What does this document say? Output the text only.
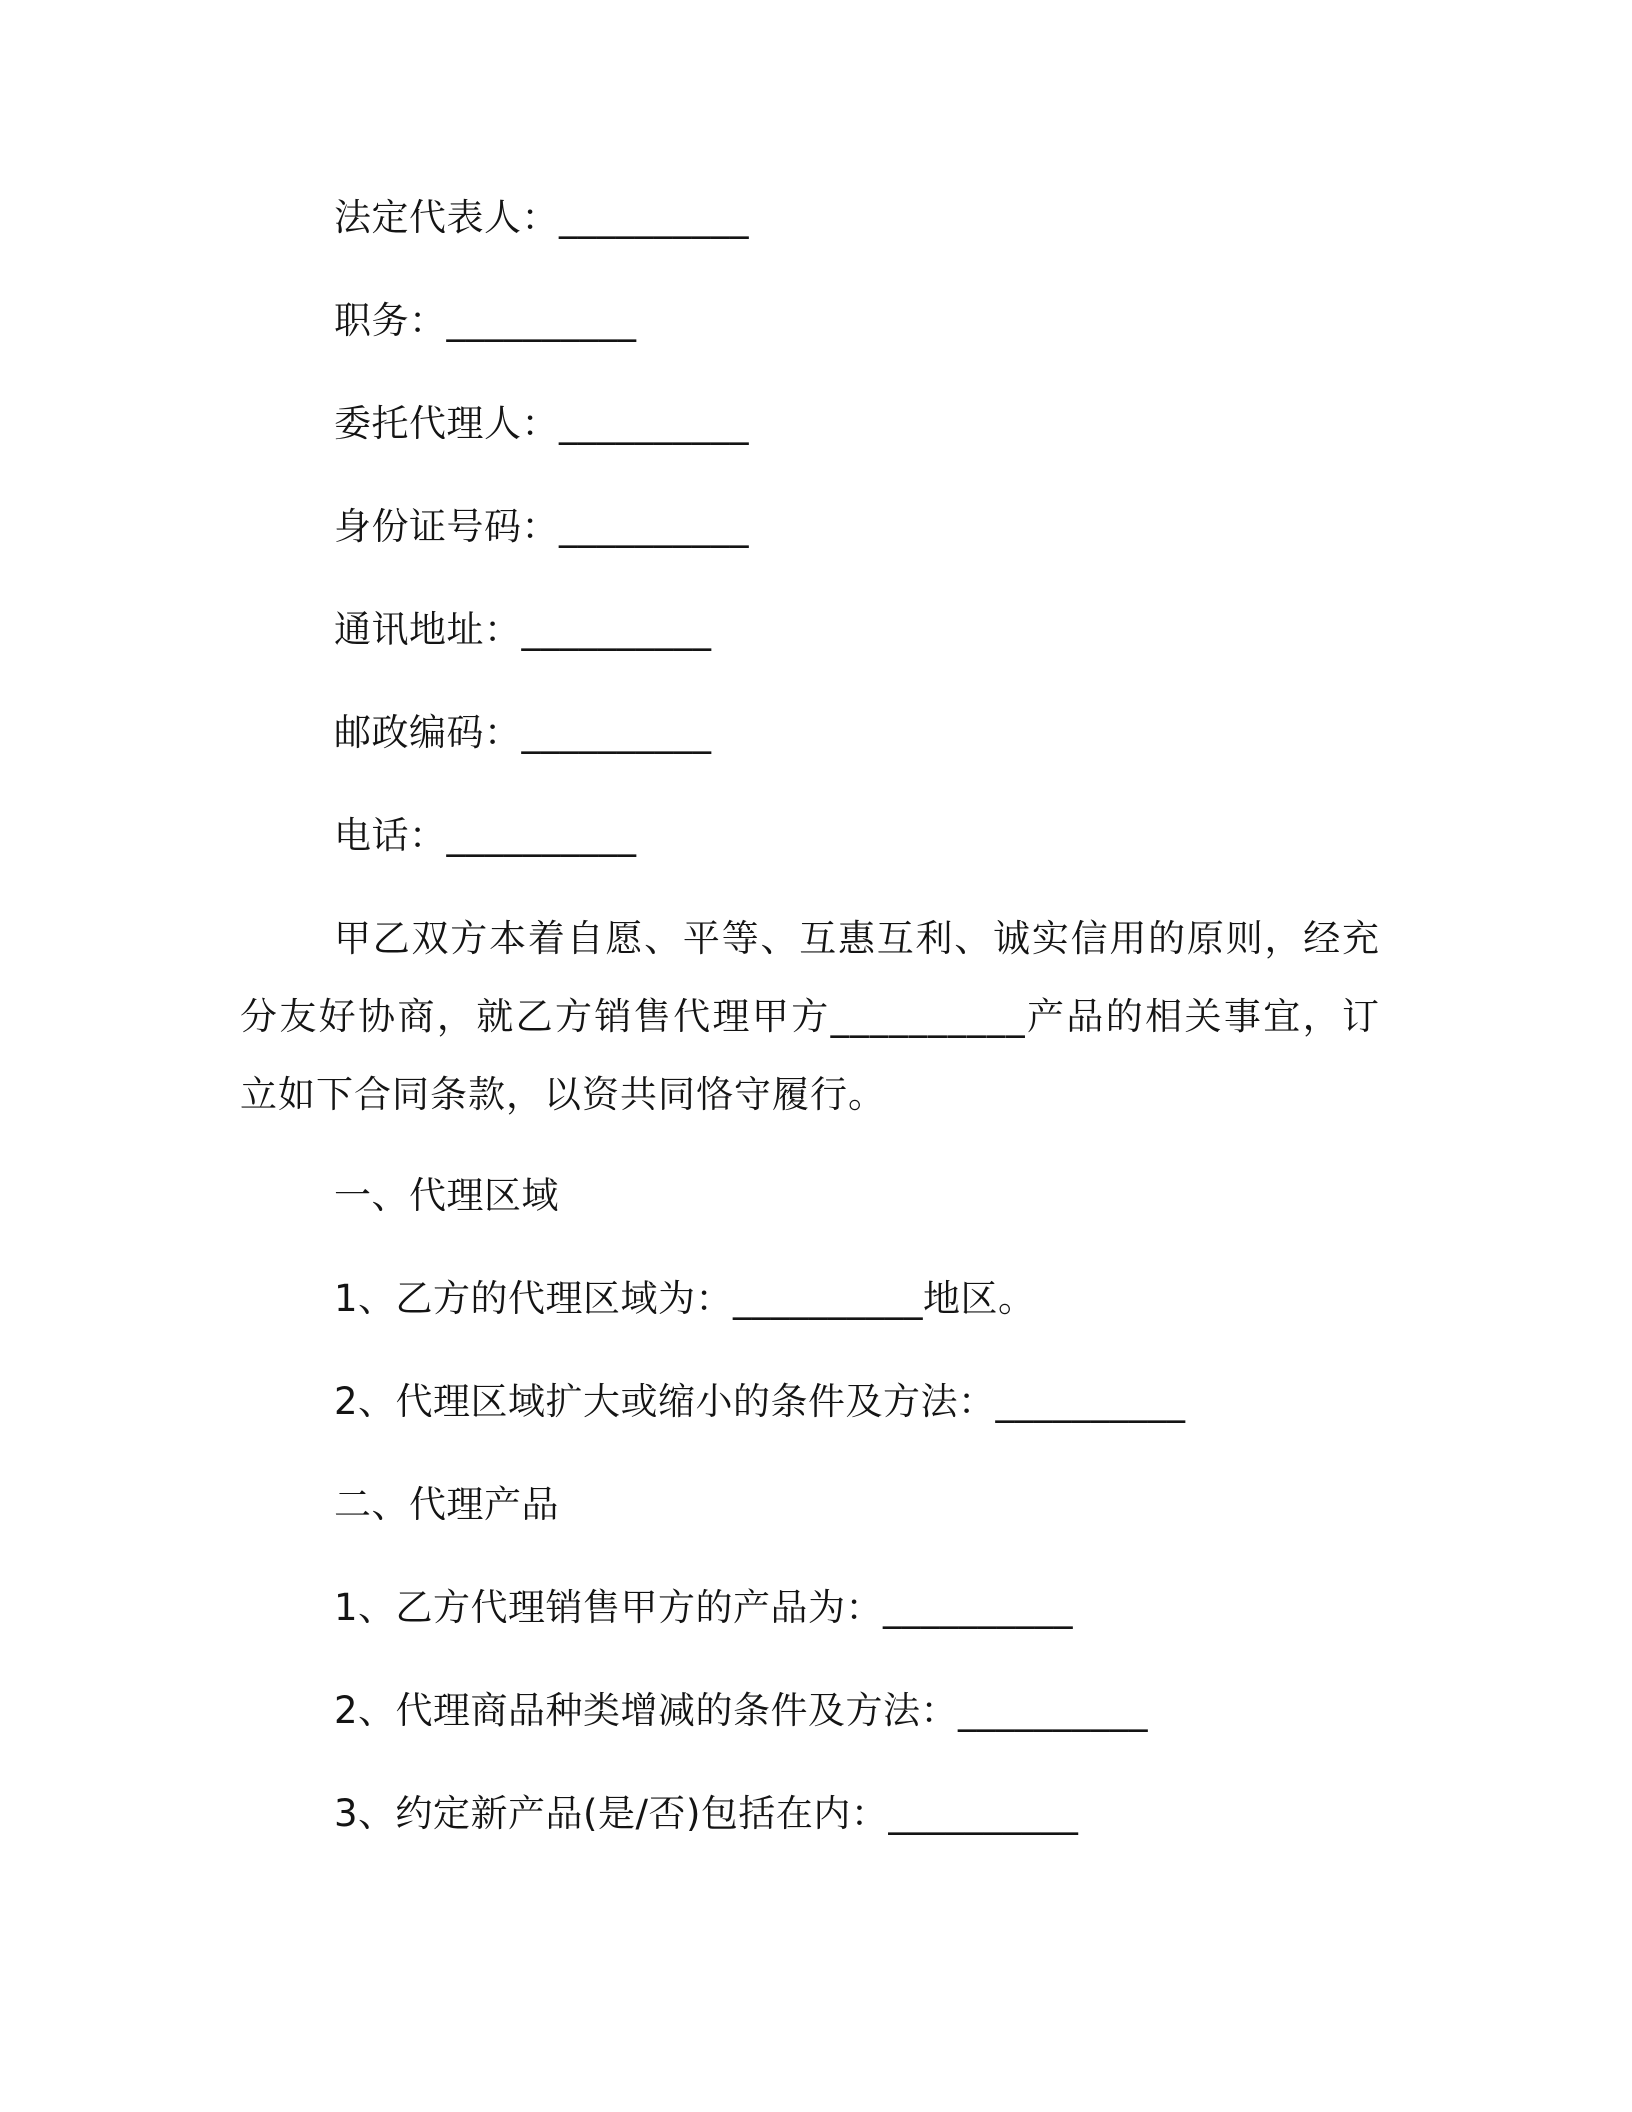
法定代表人：__________
职务：__________
委托代理人：__________
身份证号码：__________
通讯地址：__________
邮政编码：__________
电话：__________
甲乙双方本着自愿、平等、互惠互利、诚实信用的原则，经充分友好协商，就乙方销售代理甲方__________产品的相关事宜，订立如下合同条款，以资共同恪守履行。
一、代理区域
1、乙方的代理区域为：__________地区。
2、代理区域扩大或缩小的条件及方法：__________
二、代理产品
1、乙方代理销售甲方的产品为：__________
2、代理商品种类增减的条件及方法：__________
3、约定新产品(是/否)包括在内：__________
